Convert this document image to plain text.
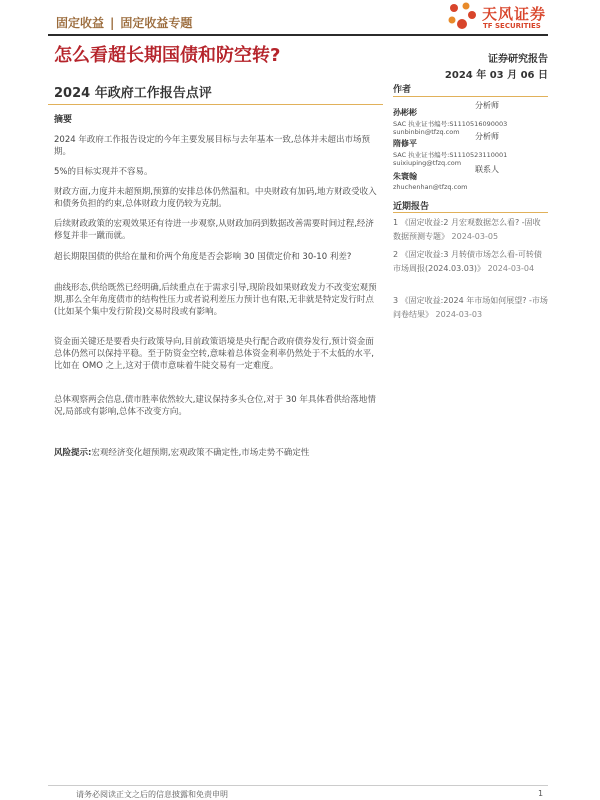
固定收益 | 固定收益专题	天风证券
TF SECURITIES
怎么看超长期国债和防空转?	证券研究报告
2024 年 03 月 06 日
2024 年政府工作报告点评
摘要
2024 年政府工作报告设定的今年主要发展目标与去年基本一致,总体并未超出市场预期。
5%的目标实现并不容易。
财政方面,力度并未超预期,预算的安排总体仍然温和。中央财政有加码,地方财政受收入和债务负担的约束,总体财政力度仍较为克制。
后续财政政策的宏观效果还有待进一步观察,从财政加码到数据改善需要时间过程,经济修复并非一蹴而就。
超长期限国债的供给在量和价两个角度是否会影响 30 国债定价和 30-10 利差?
曲线形态,供给既然已经明确,后续重点在于需求引导,现阶段如果财政发力不改变宏观预期,那么全年角度债市的结构性压力或者说利差压力预计也有限,无非就是特定发行时点(比如某个集中发行阶段)交易时段或有影响。
资金面关键还是要看央行政策导向,目前政策语境是央行配合政府债券发行,预计资金面总体仍然可以保持平稳。至于防资金空转,意味着总体资金利率仍然处于不太低的水平,比如在 OMO 之上,这对于债市意味着牛陡交易有一定难度。
总体观察两会信息,债市胜率依然较大,建议保持多头仓位,对于 30 年具体看供给落地情况,局部或有影响,总体不改变方向。
风险提示:宏观经济变化超预期,宏观政策不确定性,市场走势不确定性
作者
孙彬彬
分析师
SAC 执业证书编号:S1110516090003
sunbinbin@tfzq.com
隋修平
分析师
SAC 执业证书编号:S1110523110001
suixiuping@tfzq.com
朱寰翰
联系人
zhuchenhan@tfzq.com
近期报告
1 《固定收益:2 月宏观数据怎么看? -固收数据预测专题》 2024-03-05
2 《固定收益:3 月转债市场怎么看-可转债市场周报(2024.03.03)》 2024-03-04
3 《固定收益:2024 年市场如何展望? -市场问卷结果》 2024-03-03
请务必阅读正文之后的信息披露和免责申明	1
